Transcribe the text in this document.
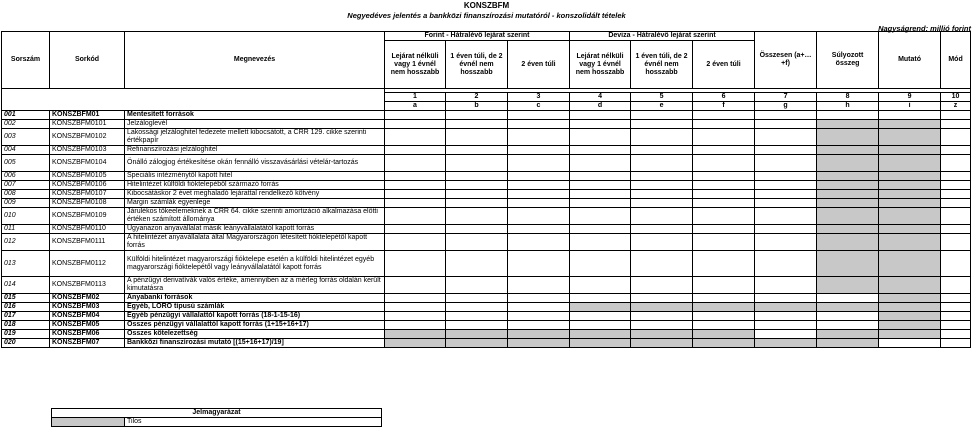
KONSZBFM
Negyedéves jelentés a bankközi finanszírozási mutatóról - konszolidált tételek
Nagyságrend: millió forint
Sorszám	Sorkód	Megnevezés	Forint - Hátralévő lejárat szerint			Deviza - Hátralévő lejárat szerint			Összesen (a+…+f)	Súlyozott összeg	Mutató	Mód
			Lejárat nélküli vagy 1 évnél nem hosszabb	1 éven túli, de 2 évnél nem hosszabb	2 éven túli	Lejárat nélküli vagy 1 évnél nem hosszabb	1 éven túli, de 2 évnél nem hosszabb	2 éven túli				

			1	2	3	4	5	6	7	8	9	10
			a	b	c	d	e	f	g	h	i	z
001	KONSZBFM01	Mentesített források										
002	KONSZBFM0101	Jelzáloglevél										
003	KONSZBFM0102	Lakossági jelzáloghitel fedezete mellett kibocsátott, a CRR 129. cikke szerinti értékpapír										
004	KONSZBFM0103	Refinanszírozási jelzáloghitel										
005	KONSZBFM0104	Önálló zálogjog értékesítése okán fennálló visszavásárlási vételár-tartozás										
006	KONSZBFM0105	Speciális intézménytől kapott hitel										
007	KONSZBFM0106	Hitelintézet külföldi fióktelepéből származó forrás										
008	KONSZBFM0107	Kibocsátáskor 2 évet meghaladó lejárattal rendelkező kötvény										
009	KONSZBFM0108	Margin számlák egyenlege										
010	KONSZBFM0109	Járulékos tőkeelemeknek a CRR 64. cikke szerinti amortizáció alkalmazása előtti értéken számított állománya										
011	KONSZBFM0110	Ugyanazon anyavállalat másik leányvállalatától kapott forrás										
012	KONSZBFM0111	A hitelintézet anyavállalata által Magyarországon létesített fióktelepétől kapott forrás										
013	KONSZBFM0112	Külföldi hitelintézet magyarországi fióktelepe esetén a külföldi hitelintézet egyéb magyarországi fióktelepétől vagy leányvállalatától kapott forrás										
014	KONSZBFM0113	A pénzügyi derivatívák valós értéke, amennyiben az a mérleg forrás oldalán került kimutatásra										
015	KONSZBFM02	Anyabanki források										
016	KONSZBFM03	Egyéb, LORO típusú számlák										
017	KONSZBFM04	Egyéb pénzügyi vállalattól kapott forrás (18-1-15-16)										
018	KONSZBFM05	Összes pénzügyi vállalattól kapott forrás (1+15+16+17)										
019	KONSZBFM06	Összes kötelezettség										
020	KONSZBFM07	Bankközi finanszírozási mutató [(15+16+17)/19]										
Jelmagyarázat
	Tilos
